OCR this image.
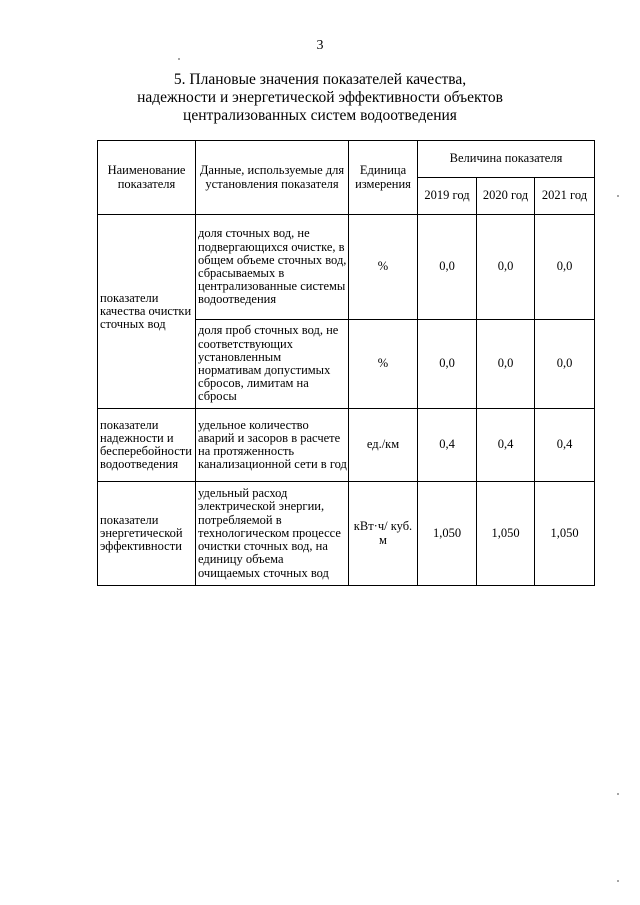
3
5. Плановые значения показателей качества,
надежности и энергетической эффективности объектов
централизованных систем водоотведения
Наименование показателя	Данные, используемые для установления показателя	Единица измерения	Величина показателя		
			2019 год	2020 год	2021 год
показатели качества очистки сточных вод	доля сточных вод, не подвергающихся очистке, в общем объеме сточных вод, сбрасываемых в централизованные системы водоотведения	%	0,0	0,0	0,0
	доля проб сточных вод, не соответствующих установленным нормативам допустимых сбросов, лимитам на сбросы	%	0,0	0,0	0,0
показатели надежности и бесперебойности водоотведения	удельное количество аварий и засоров в расчете на протяженность канализационной сети в год	ед./км	0,4	0,4	0,4
показатели энергетической эффективности	удельный расход электрической энергии, потребляемой в технологическом процессе очистки сточных вод, на единицу объема очищаемых сточных вод	кВт·ч/ куб. м	1,050	1,050	1,050
